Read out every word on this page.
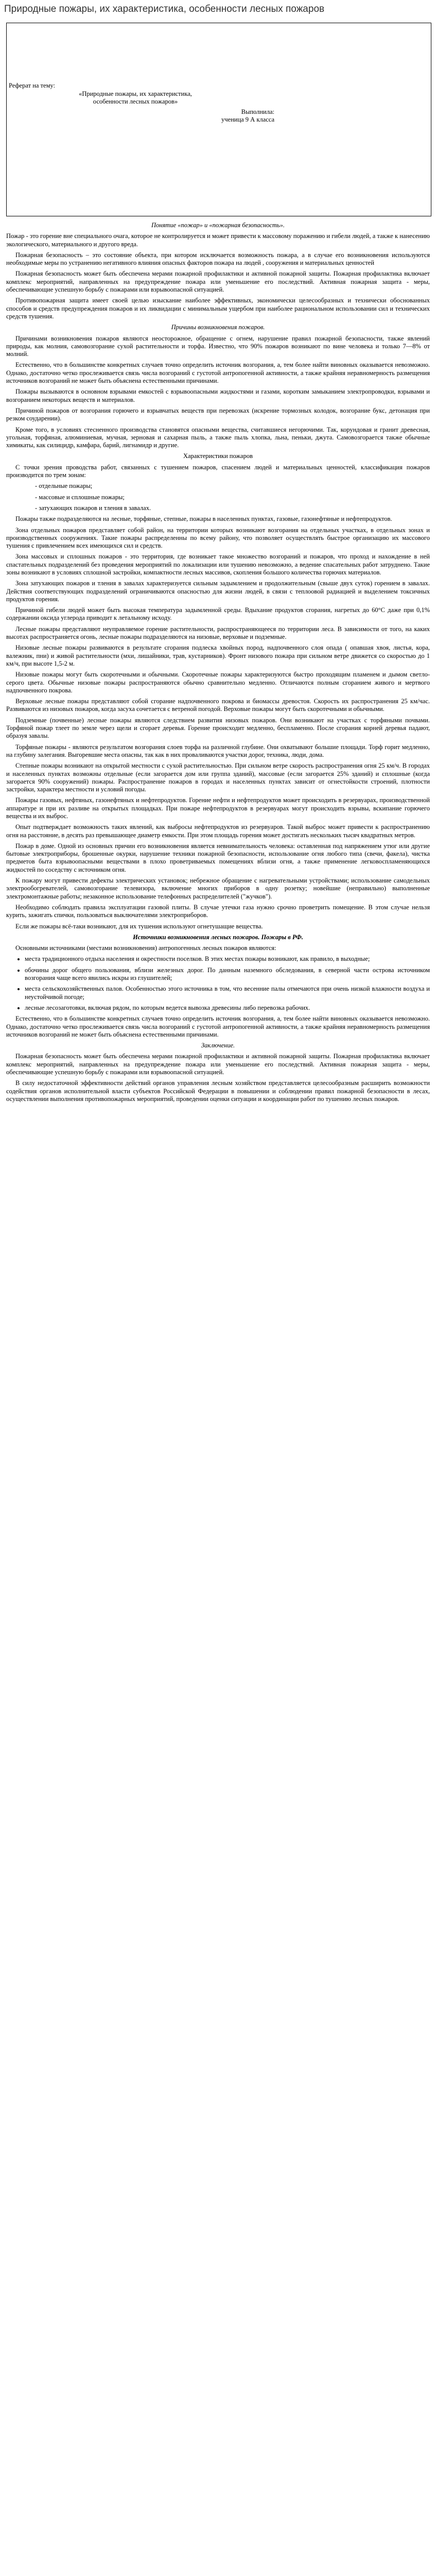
Природные пожары, их характеристика, особенности лесных пожаров
Реферат на тему:
«Природные пожары, их характеристика,
особенности лесных пожаров»
Выполнила:
ученица 9 А класса

Понятие «пожар» и «пожарная безопасность».

Пожар - это горение вне специального очага, которое не контролируется и может привести к массовому поражению и гибели людей, а также к нанесению экологического, материального и другого вреда.

Пожарная безопасность – это состояние объекта, при котором исключается возможность пожара, а в случае его возникновения используются необходимые меры по устранению негативного влияния опасных факторов пожара на людей , сооружения и материальных ценностей

Пожарная безопасность может быть обеспечена мерами пожарной профилактики и активной пожарной защиты. Пожарная профилактика включает комплекс мероприятий, направленных на предупреждение пожара или уменьшение его последствий. Активная пожарная защита - меры, обеспечивающие успешную борьбу с пожарами или взрывоопасной ситуацией.

Противопожарная защита имеет своей целью изыскание наиболее эффективных, экономически целесообразных и технически обоснованных способов и средств предупреждения пожаров и их ликвидации с минимальным ущербом при наиболее рациональном использовании сил и технических средств тушения.

Причины возникновения пожаров.

Причинами возникновения пожаров являются неосторожное, обращение с огнем, нарушение правил пожарной безопасности, также явлений природы, как молния, самовозгорание сухой растительности и торфа. Известно, что 90% пожаров возникают по вине человека и только 7—8% от молний.

Естественно, что в большинстве конкретных случаев точно определить источник возгорания, а, тем более найти виновных оказывается невозможно. Однако, достаточно четко прослеживается связь числа возгораний с густотой антропогенной активности, а также крайняя неравномерность размещения источников возгораний не может быть объяснена естественными причинами.

Пожары вызываются в основном взрывами емкостей с взрывоопасными жидкостями и газами, коротким замыканием электропроводки, взрывами и возгоранием некоторых веществ и материалов.

Причиной пожаров от возгорания горючего и взрывчатых веществ при перевозках (искрение тормозных колодок, возгорание букс, детонация при резком соударении).

Кроме того, в условиях стесненного производства становятся опасными вещества, считавшиеся негорючими. Так, корундовая и гранит древесная, угольная, торфяная, алюминиевая, мучная, зерновая и сахарная пыль, а также пыль хлопка, льна, пеньки, джута. Самовозгорается также обычные химикаты, как силицидр, камфара, барий, лигнамидр и другие.

Характеристики пожаров

С точки зрения проводства работ, связанных с тушением пожаров, спасением людей и материальных ценностей, классификация пожаров производится по трем зонам:

- отдельные пожары;
- массовые и сплошные пожары;
- затухающих пожаров и тления в завалах.

Пожары также подразделяются на лесные, торфяные, степные, пожары в населенных пунктах, газовые, газонефтяные и нефтепродуктов.

Зона отдельных пожаров представляет собой район, на территории которых возникают возгорания на отдельных участках, в отдельных зонах и производственных сооружениях. Такие пожары распределенны по всему району, что позволяет осуществлять быстрое организацию их массового тушения с привлечением всех имеющихся сил и средств.

Зона массовых и сплошных пожаров - это территория, где возникает такое множество возгораний и пожаров, что проход и нахождение в ней спастательных подразделений без проведения мероприятий по локализации или тушению невозможно, а ведение спасательных работ затруднено. Такие зоны возникают в условиях сплошной застройки, компактности лесных массивов, скопления большого количества горючих материалов.

Зона затухающих пожаров и тления в завалах характеризуется сильным задымлением и продолжительным (свыше двух суток) горением в завалах. Действия соответствующих подразделений ограничиваются опасностью для жизни людей, в связи с теплоовой радиацией и выделением токсичных продуктов горения.

Причиной гибели людей может быть высокая температура задымленной среды. Вдыхание продуктов сгорания, нагретых до 60°С даже при 0,1% содержании оксида углерода приводит к летальному исходу.

Лесные пожары представляют неуправляемое горение растительности, распространяющееся по территории леса. В зависимости от того, на каких высотах распространяется огонь, лесные пожары подразделяются на низовые, верховые и подземные.

Низовые лесные пожары развиваются в результате сгорания подлеска хвойных пород, надпочвенного слоя опада ( опавшая хвоя, листья, кора, валежник, пни) и живой растительности (мхи, лишайники, трав, кустарников). Фронт низового пожара при сильном ветре движется со скоростью до 1 км/ч, при высоте 1,5-2 м.

Низовые пожары могут быть скоротечными и обычными. Скоротечные пожары характеризуются быстро проходящим пламенем и дымом светло-серого цвета. Обычные низовые пожары распространяются обычно сравнительно медленно. Отличаются полным сгоранием живого и мертвого надпочвенного покрова.

Верховые лесные пожары представляют собой сгорание надпочвенного покрова и биомассы древостоя. Скорость их распространения 25 км/час. Развиваются из низовых пожаров, когда засуха сочетается с ветреной погодой. Верховые пожары могут быть скоротечными и обычными.

Подземные (почвенные) лесные пожары являются следствием развития низовых пожаров. Они возникают на участках с торфяными почвами. Торфяной пожар тлеет по земле через щели и сгорает деревья. Горение происходит медленно, беспламенно. После сгорания корней деревья падают, образуя завалы.

Торфяные пожары - являются результатом возгорания слоев торфа на различной глубине. Они охватывают большие площади. Торф горит медленно, на глубину залегания. Выгоревшие места опасны, так как в них проваливаются участки дорог, техника, люди, дома.

Степные пожары возникают на открытой местности с сухой растительностью. При сильном ветре скорость распространения огня 25 км/ч. В городах и населенных пунктах возможны отдельные (если загорается дом или группа зданий), массовые (если загорается 25% зданий) и сплошные (когда загорается 90% сооружений) пожары. Распространение пожаров в городах и населенных пунктах зависит от огнестойкости строений, плотности застройки, характера местности и условий погоды.

Пожары газовых, нефтяных, газонефтяных и нефтепродуктов. Горение нефти и нефтепродуктов может происходить в резервуарах, производственной аппаратуре и при их разливе на открытых площадках. При пожаре нефтепродуктов в резервуарах могут происходить взрывы, вскипание горючего вещества и их выброс.

Опыт подтверждает возможность таких явлений, как выбросы нефтепродуктов из резервуаров. Такой выброс может привести к распространению огня на расстояние, в десять раз превышающее диаметр емкости. При этом площадь горения может достигать нескольких тысяч квадратных метров.

Пожар в доме. Одной из основных причин его возникновения является невнимательность человека: оставленная под напряжением утюг или другие бытовые электроприборы, брошенные окурки, нарушение техники пожарной безопасности, использование огня любого типа (свечи, факела), чистка предметов быта взрывоопасными веществами в плохо проветриваемых помещениях вблизи огня, а также применение легковоспламеняющихся жидкостей по соседству с источником огня.

К пожару могут привести дефекты электрических установок; небрежное обращение с нагревательными устройствами; использование самодельных электрообогревателей, самовозгорание телевизора, включение многих приборов в одну розетку; новейшие (неправильно) выполненные электромонтажные работы; незаконное использование телефонных распределителей ("жучков").

Необходимо соблюдать правила эксплуатации газовой плиты. В случае утечки газа нужно срочно проветрить помещение. В этом случае нельзя курить, зажигать спички, пользоваться выключателями электроприборов.

Если же пожары всё-таки возникают, для их тушения используют огнетушащие вещества.

Источники возникновения лесных пожаров. Пожары в РФ.

Основными источниками (местами возникновения) антропогенных лесных пожаров являются:

• места традиционного отдыха населения и окрестности поселков. В этих местах пожары возникают, как правило, в выходные;
• обочины дорог общего пользования, вблизи железных дорог. По данным наземного обследования, в северной части острова источником возгорания чаще всего явились искры из глушителей;
• места сельскохозяйственных палов. Особенностью этого источника в том, что весенние палы отмечаются при очень низкой влажности воздуха и неустойчивой погоде;
• лесные лесозаготовки, включая рядом, по которым ведется вывозка древесины либо перевозка рабочих.

Естественно, что в большинстве конкретных случаев точно определить источник возгорания, а, тем более найти виновных оказывается невозможно. Однако, достаточно четко прослеживается связь числа возгораний с густотой антропогенной активности, а также крайняя неравномерность размещения источников возгораний не может быть объяснена естественными причинами.

Заключение.

Пожарная безопасность может быть обеспечена мерами пожарной профилактики и активной пожарной защиты. Пожарная профилактика включает комплекс мероприятий, направленных на предупреждение пожара или уменьшение его последствий. Активная пожарная защита - меры, обеспечивающие успешную борьбу с пожарами или взрывоопасной ситуацией.

В силу недостаточной эффективности действий органов управления лесным хозяйством представляется целесообразным расширить возможности содействия органов исполнительной власти субъектов Российской Федерации в повышении и соблюдении правил пожарной безопасности в лесах, осуществлении выполнения противопожарных мероприятий, проведении оценки ситуации и координации работ по тушению лесных пожаров.
